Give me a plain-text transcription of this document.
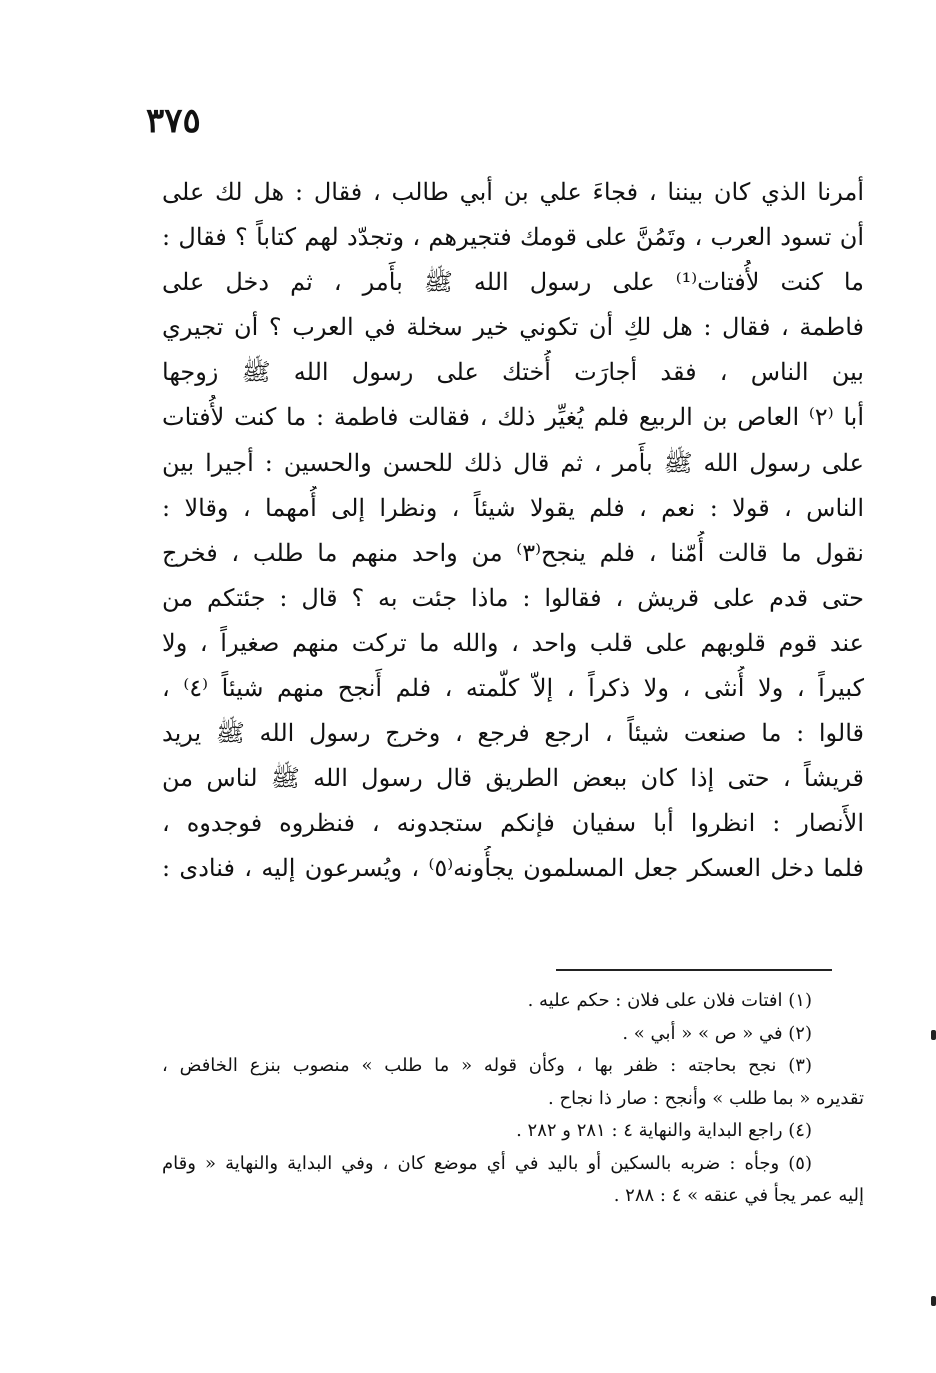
٣٧٥
أمرنا الذي كان بيننا ، فجاءَ علي بن أبي طالب ، فقال : هل لك على
أن تسود العرب ، وتَمُنَّ على قومك فتجيرهم ، وتجدّد لهم كتاباً ؟ فقال :
ما كنت لأُفتات⁽¹⁾ على رسول الله ﷺ بأَمر ، ثم دخل على
فاطمة ، فقال : هل لكِ أن تكوني خير سخلة في العرب ؟ أن تجيري
بين الناس ، فقد أجارَت أُختك على رسول الله ﷺ زوجها
أبا ⁽٢⁾ العاص بن الربيع فلم يُغيِّر ذلك ، فقالت فاطمة : ما كنت لأُفتات
على رسول الله ﷺ بأَمر ، ثم قال ذلك للحسن والحسين : أجيرا بين
الناس ، قولا : نعم ، فلم يقولا شيئاً ، ونظرا إلى أُمهما ، وقالا :
نقول ما قالت أُمّنا ، فلم ينجح⁽٣⁾ من واحد منهم ما طلب ، فخرج
حتى قدم على قريش ، فقالوا : ماذا جئت به ؟ قال : جئتكم من
عند قوم قلوبهم على قلب واحد ، والله ما تركت منهم صغيراً ، ولا
كبيراً ، ولا أُنثى ، ولا ذكراً ، إلاّ كلّمته ، فلم أَنجح منهم شيئاً ⁽٤⁾ ،
قالوا : ما صنعت شيئاً ، ارجع فرجع ، وخرج رسول الله ﷺ يريد
قريشاً ، حتى إذا كان ببعض الطريق قال رسول الله ﷺ لناس من
الأَنصار : انظروا أبا سفيان فإنكم ستجدونه ، فنظروه فوجدوه ،
فلما دخل العسكر جعل المسلمون يجأُونه⁽٥⁾ ، ويُسرعون إليه ، فنادى :
(١) افتات فلان على فلان : حكم عليه .
(٢) في « ص » « أبي » .
(٣) نجح بحاجته : ظفر بها ، وكأن قوله « ما طلب » منصوب بنزع الخافض ،
تقديره « بما طلب » وأنجح : صار ذا نجاح .
(٤) راجع البداية والنهاية ٤ : ٢٨١ و ٢٨٢ .
(٥) وجأه : ضربه بالسكين أو باليد في أي موضع كان ، وفي البداية والنهاية « وقام
إليه عمر يجأ في عنقه » ٤ : ٢٨٨ .
